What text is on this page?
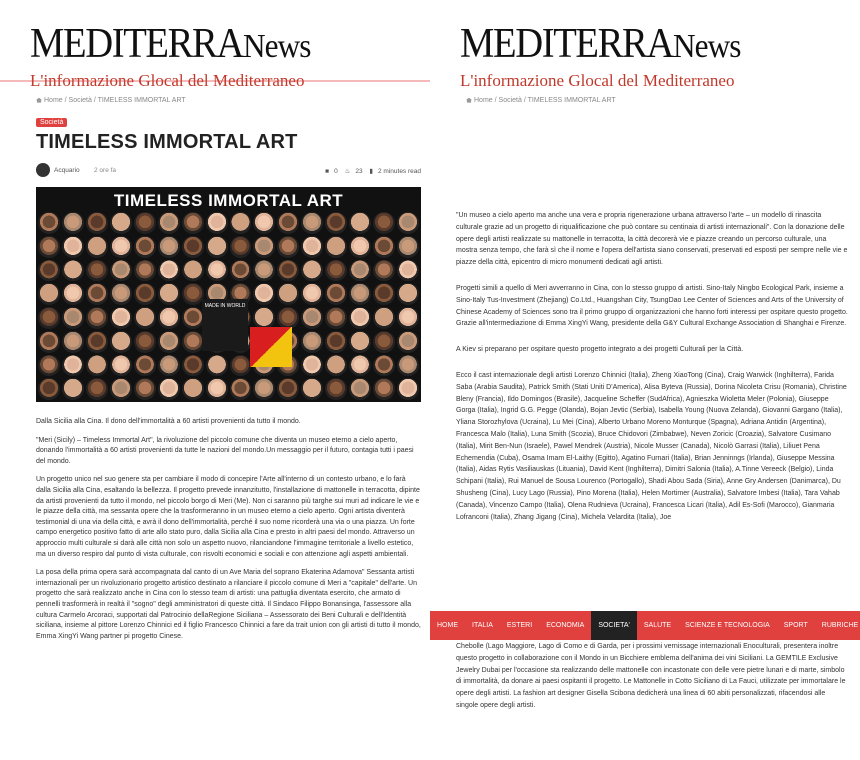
MEDITERRANews
L'informazione Glocal del Mediterraneo
Home / Società / TIMELESS IMMORTAL ART
Società
TIMELESS IMMORTAL ART
Acquario 2 ore fa	■ 0 ♨ 23 ▮ 2 minutes read
TIMELESS IMMORTAL ART
MADE IN WORLD

Dalla Sicilia alla Cina. Il dono dell'immortalità a 60 artisti provenienti da tutto il mondo.

"Meri (Sicily) – Timeless Immortal Art", la rivoluzione del piccolo comune che diventa un museo eterno a cielo aperto, donando l'immortalità a 60 artisti provenienti da tutte le nazioni del mondo.Un messaggio per il futuro, contagia tutti i paesi del mondo.

Un progetto unico nel suo genere sta per cambiare il modo di concepire l'Arte all'interno di un contesto urbano, e lo farà dalla Sicilia alla Cina, esaltando la bellezza. Il progetto prevede innanzitutto, l'installazione di mattonelle in terracotta, dipinte da artisti provenienti da tutto il mondo, nel piccolo borgo di Meri (Me). Non ci saranno più targhe sui muri ad indicare le vie e le piazze della città, ma sessanta opere che la trasformeranno in un museo eterno a cielo aperto. Ogni artista diventerà testimonial di una via della città, e avrà il dono dell'immortalità, perché il suo nome ricorderà una via o una piazza. Un forte campo energetico positivo fatto di arte allo stato puro, dalla Sicilia alla Cina e presto in altri paesi del mondo. Attraverso un approccio multi culturale si darà alle città non solo un aspetto nuovo, rilanciandone l'immagine territoriale a livello estetico, ma un diverso respiro dal punto di vista culturale, con risvolti economici e sociali e con attenzione agli aspetti ambientali.

La posa della prima opera sarà accompagnata dal canto di un Ave Maria del soprano Ekaterina Adamova" Sessanta artisti internazionali per un rivoluzionario progetto artistico destinato a rilanciare il piccolo comune di Meri a "capitale" dell'arte. Un progetto che sarà realizzato anche in Cina con lo stesso team di artisti: una pattuglia diventata esercito, che armato di pennelli trasformerà in realtà il "sogno" degli amministratori di queste città. Il Sindaco Filippo Bonansinga, l'assessore alla cultura Carmelo Arcoraci, supportati dal Patrocinio dellaRegione Siciliana – Assessorato dei Beni Culturali e dell'Identità siciliana, insieme al pittore Lorenzo Chinnici ed il figlio Francesco Chinnici a fare da trait union con gli artisti di tutto il mondo, Emma XingYi Wang partner pi progetto Cinese.

MEDITERRANews
L'informazione Glocal del Mediterraneo
Home / Società / TIMELESS IMMORTAL ART

"Un museo a cielo aperto ma anche una vera e propria rigenerazione urbana attraverso l'arte – un modello di rinascita culturale grazie ad un progetto di riqualificazione che può contare su centinaia di artisti internazionali". Con la donazione delle opere degli artisti realizzate su mattonelle in terracotta, la città decorerà vie e piazze creando un percorso culturale, una mostra senza tempo, che farà sì che il nome e l'opera dell'artista siano conservati, preservati ed esposti per sempre nelle vie e piazze della città, epicentro di micro monumenti dedicati agli artisti.

Progetti simili a quello di Meri avverranno in Cina, con lo stesso gruppo di artisti. Sino-Italy Ningbo Ecological Park, insieme a Sino-Italy Tus-Investment (Zhejiang) Co.Ltd., Huangshan City, TsungDao Lee Center of Sciences and Arts of the University of Chinese Academy of Sciences sono tra il primo gruppo di organizzazioni che hanno forti interessi per ospitare questo progetto. Grazie all'intermediazione di Emma XingYi Wang, presidente della G&Y Cultural Exchange Association di Shanghai e Firenze.

A Kiev si preparano per ospitare questo progetto integrato a dei progetti Culturali per la Città.

Ecco il cast internazionale degli artisti Lorenzo Chinnici (Italia), Zheng XiaoTong (Cina), Craig Warwick (Inghilterra), Farida Saba (Arabia Saudita), Patrick Smith (Stati Uniti D'America), Alisa Byteva (Russia), Dorina Nicoleta Crisu (Romania), Christine Bleny (Francia), Ildo Domingos (Brasile), Jacqueline Scheffer (SudAfrica), Agnieszka Wioletta Meler (Polonia), Giuseppe Gorga (Italia), Ingrid G.G. Pegge (Olanda), Bojan Jevtic (Serbia), Isabella Young (Nuova Zelanda), Giovanni Gargano (Italia), Yliana Storozhylova (Ucraina), Lu Mei (Cina), Alberto Urbano Moreno Monturque (Spagna), Adriana Antidin (Argentina), Francesca Malo (Italia), Luna Smith (Scozia), Bruce Chidovori (Zimbabwe), Neven Zoricic (Croazia), Salvatore Cusimano (Italia), Mirit Ben-Nun (Israele), Pawel Mendrek (Austria), Nicole Musser (Canada), Nicolò Garrasi (Italia), Liliuet Pena Echemendia (Cuba), Osama Imam El-Laithy (Egitto), Agatino Furnari (Italia), Brian Jenninngs (Irlanda), Giuseppe Messina (Italia), Aidas Rytis Vasiliauskas (Lituania), David Kent (Inghilterra), Dimitri Salonia (Italia), A.Tinne Vereeck (Belgio), Linda Schipani (Italia), Rui Manuel de Sousa Lourenco (Portogallo), Shadi Abou Sada (Siria), Anne Gry Andersen (Danimarca), Du Shusheng (Cina), Lucy Lago (Russia), Pino Morena (Italia), Helen Mortimer (Australia), Salvatore Imbesi (Italia), Tara Vahab (Canada), Vincenzo Campo (Italia), Olena Rudnieva (Ucraina), Francesca Licari (Italia), Adil Es-Sofi (Marocco), Gianmaria Lofranconi (Italia), Zhang Jigang (Cina), Michela Velardita (Italia), Joe

HOME	ITALIA	ESTERI	ECONOMIA	SOCIETA'	SALUTE	SCIENZE E TECNOLOGIA	SPORT	RUBRICHE

Chebolle (Lago Maggiore, Lago di Como e di Garda, per i prossimi vernissage internazionali Enoculturali, presentera inoltre questo progetto in collaborazione con il Mondo in un Bicchiere emblema dell'anima dei vini Siciliani. La GEMTILE Exclusive Jewelry Dubai per l'occasione sta realizzando delle mattonelle con incastonate con delle vere pietre lunari e di marte, simbolo di immortalità, da donare ai paesi ospitanti il progetto. Le Mattonelle in Cotto Siciliano di La Fauci, utilizzate per immortalare le opere degli artisti. La fashion art designer Gisella Scibona dedicherà una linea di 60 abiti personalizzati, rifacendosi alle singole opere degli artisti.
